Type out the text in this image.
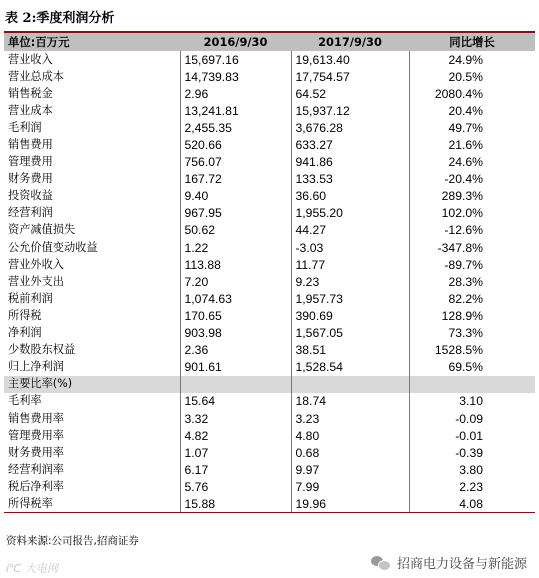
表 2:季度利润分析
单位:百万元	2016/9/30	2017/9/30	同比增长
营业收入	15,697.16	19,613.40	24.9%
营业总成本	14,739.83	17,754.57	20.5%
销售税金	2.96	64.52	2080.4%
营业成本	13,241.81	15,937.12	20.4%
毛利润	2,455.35	3,676.28	49.7%
销售费用	520.66	633.27	21.6%
管理费用	756.07	941.86	24.6%
财务费用	167.72	133.53	-20.4%
投资收益	9.40	36.60	289.3%
经营利润	967.95	1,955.20	102.0%
资产减值损失	50.62	44.27	-12.6%
公允价值变动收益	1.22	-3.03	-347.8%
营业外收入	113.88	11.77	-89.7%
营业外支出	7.20	9.23	28.3%
税前利润	1,074.63	1,957.73	82.2%
所得税	170.65	390.69	128.9%
净利润	903.98	1,567.05	73.3%
少数股东权益	2.36	38.51	1528.5%
归上净利润	901.61	1,528.54	69.5%
主要比率(%)			
毛利率	15.64	18.74	3.10
销售费用率	3.32	3.23	-0.09
管理费用率	4.82	4.80	-0.01
财务费用率	1.07	0.68	-0.39
经营利润率	6.17	9.97	3.80
税后净利率	5.76	7.99	2.23
所得税率	15.88	19.96	4.08
资料来源:公司报告,招商证券
招商电力设备与新能源
i℃ 大电网
